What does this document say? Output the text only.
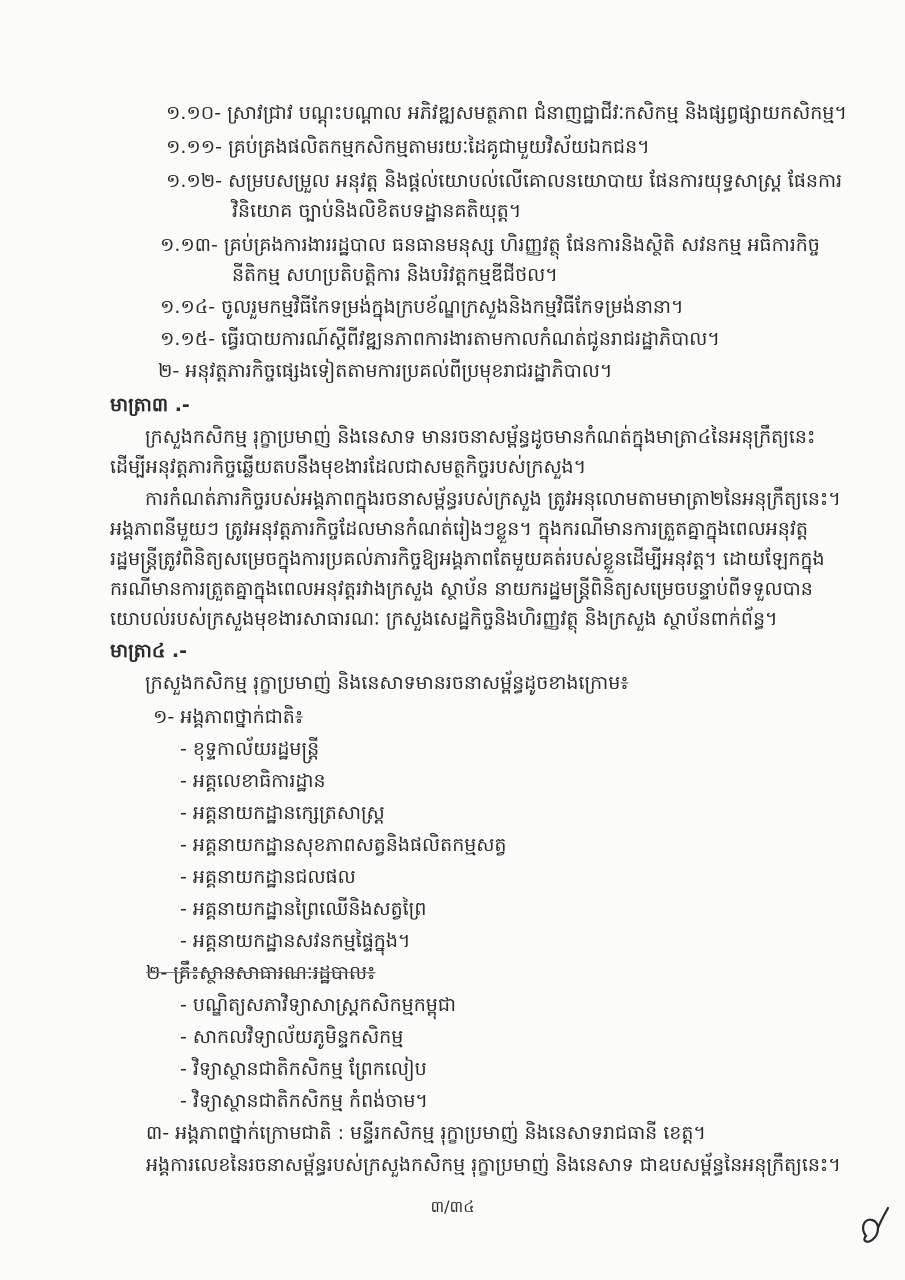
១.១០- ស្រាវជ្រាវ បណ្តុះបណ្តាល អភិវឌ្ឍសមត្ថភាព ជំនាញជ្ឋាជីវៈកសិកម្ម និងផ្សព្វផ្សាយកសិកម្ម។
១.១១- គ្រប់គ្រងផលិតកម្មកសិកម្មតាមរយៈដៃគូជាមួយវិស័យឯកជន។
១.១២- សម្របសម្រួល អនុវត្ត និងផ្តល់យោបល់លើគោលនយោបាយ ផែនការយុទ្ធសាស្ត្រ ផែនការ
វិនិយោគ ច្បាប់និងលិខិតបទដ្ឋានគតិយុត្ត។
១.១៣- គ្រប់គ្រងការងាររដ្ឋបាល ធនធានមនុស្ស ហិរញ្ញវត្ថុ ផែនការនិងស្ថិតិ សវនកម្ម អធិការកិច្ច
នីតិកម្ម សហប្រតិបត្តិការ និងបរិវត្តកម្មឌីជីថល។
១.១៤- ចូលរួមកម្មវិធីកែទម្រង់ក្នុងក្របខ័ណ្ឌក្រសួងនិងកម្មវិធីកែទម្រង់នានា។
១.១៥- ធ្វើរបាយការណ៍ស្តីពីវឌ្ឍនភាពការងារតាមកាលកំណត់ជូនរាជរដ្ឋាភិបាល។
២- អនុវត្តភារកិច្ចផ្សេងទៀតតាមការប្រគល់ពីប្រមុខរាជរដ្ឋាភិបាល។
មាត្រា៣ .-
ក្រសួងកសិកម្ម រុក្ខាប្រមាញ់ និងនេសាទ មានរចនាសម្ព័ន្ធដូចមានកំណត់ក្នុងមាត្រា៤នៃអនុក្រឹត្យនេះ
ដើម្បីអនុវត្តភារកិច្ចឆ្លើយតបនឹងមុខងារដែលជាសមត្ថកិច្ចរបស់ក្រសួង។
ការកំណត់ភារកិច្ចរបស់អង្គភាពក្នុងរចនាសម្ព័ន្ធរបស់ក្រសួង ត្រូវអនុលោមតាមមាត្រា២នៃអនុក្រឹត្យនេះ។
អង្គភាពនីមួយៗ ត្រូវអនុវត្តភារកិច្ចដែលមានកំណត់រៀងៗខ្លួន។ ក្នុងករណីមានការត្រួតគ្នាក្នុងពេលអនុវត្ត
រដ្ឋមន្ត្រីត្រូវពិនិត្យសម្រេចក្នុងការប្រគល់ភារកិច្ចឱ្យអង្គភាពតែមួយគត់របស់ខ្លួនដើម្បីអនុវត្ត។ ដោយឡែកក្នុង
ករណីមានការត្រួតគ្នាក្នុងពេលអនុវត្តរវាងក្រសួង ស្ថាប័ន នាយករដ្ឋមន្ត្រីពិនិត្យសម្រេចបន្ទាប់ពីទទួលបាន
យោបល់របស់ក្រសួងមុខងារសាធារណៈ ក្រសួងសេដ្ឋកិច្ចនិងហិរញ្ញវត្ថុ និងក្រសួង ស្ថាប័នពាក់ព័ន្ធ។
មាត្រា៤ .-
ក្រសួងកសិកម្ម រុក្ខាប្រមាញ់ និងនេសាទមានរចនាសម្ព័ន្ធដូចខាងក្រោម៖
១- អង្គភាពថ្នាក់ជាតិ៖
- ខុទ្ទកាល័យរដ្ឋមន្ត្រី
- អគ្គលេខាធិការដ្ឋាន
- អគ្គនាយកដ្ឋានក្សេត្រសាស្ត្រ
- អគ្គនាយកដ្ឋានសុខភាពសត្វនិងផលិតកម្មសត្វ
- អគ្គនាយកដ្ឋានជលផល
- អគ្គនាយកដ្ឋានព្រៃឈើនិងសត្វព្រៃ
- អគ្គនាយកដ្ឋានសវនកម្មផ្ទៃក្នុង។
២- គ្រឹះស្ថានសាធារណៈរដ្ឋបាល៖
- បណ្ឌិត្យសភាវិទ្យាសាស្ត្រកសិកម្មកម្ពុជា
- សាកលវិទ្យាល័យភូមិន្ទកសិកម្ម
- វិទ្យាស្ថានជាតិកសិកម្ម ព្រែកលៀប
- វិទ្យាស្ថានជាតិកសិកម្ម កំពង់ចាម។
៣- អង្គភាពថ្នាក់ក្រោមជាតិ : មន្ទីរកសិកម្ម រុក្ខាប្រមាញ់ និងនេសាទរាជធានី ខេត្ត។
អង្គការលេខនៃរចនាសម្ព័ន្ធរបស់ក្រសួងកសិកម្ម រុក្ខាប្រមាញ់ និងនេសាទ ជាឧបសម្ព័ន្ធនៃអនុក្រឹត្យនេះ។
៣/៣៤
